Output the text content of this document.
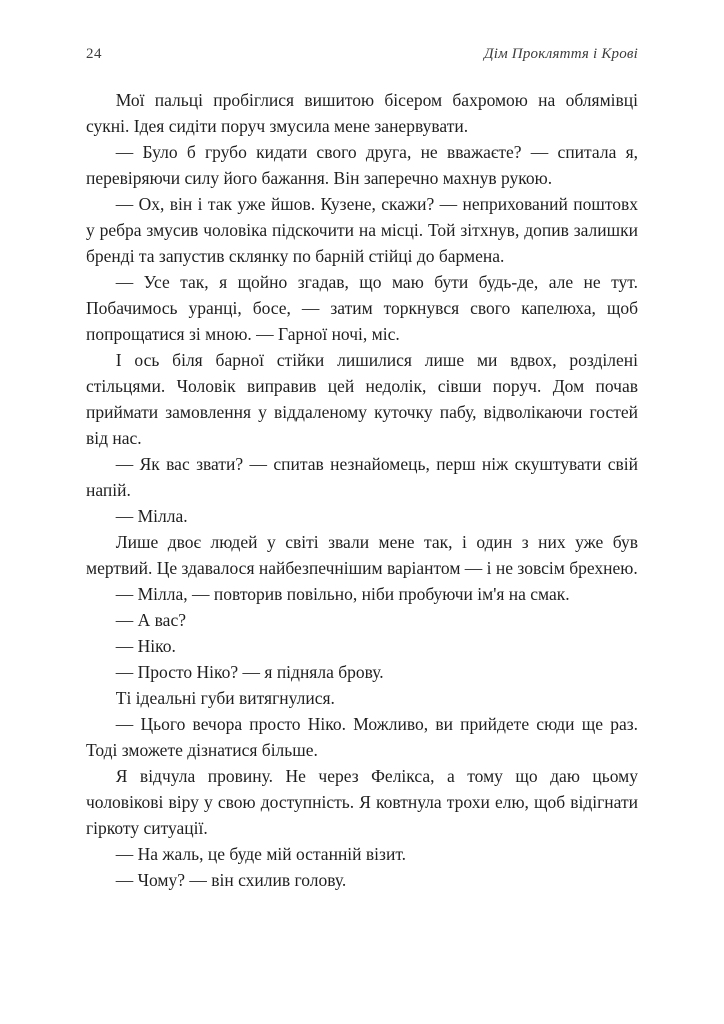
24	Дім Прокляття і Крові

Мої пальці пробіглися вишитою бісером бахромою на облямівці сукні. Ідея сидіти поруч змусила мене занервувати.

— Було б грубо кидати свого друга, не вважаєте? — спитала я, перевіряючи силу його бажання. Він заперечно махнув рукою.

— Ох, він і так уже йшов. Кузене, скажи? — неприхований поштовх у ребра змусив чоловіка підскочити на місці. Той зітхнув, допив залишки бренді та запустив склянку по барній стійці до бармена.

— Усе так, я щойно згадав, що маю бути будь-де, але не тут. Побачимось уранці, босе, — затим торкнувся свого капелюха, щоб попрощатися зі мною. — Гарної ночі, міс.

І ось біля барної стійки лишилися лише ми вдвох, розділені стільцями. Чоловік виправив цей недолік, сівши поруч. Дом почав приймати замовлення у віддаленому куточку пабу, відволікаючи гостей від нас.

— Як вас звати? — спитав незнайомець, перш ніж скуштувати свій напій.

— Мілла.

Лише двоє людей у світі звали мене так, і один з них уже був мертвий. Це здавалося найбезпечнішим варіантом — і не зовсім брехнею.

— Мілла, — повторив повільно, ніби пробуючи ім'я на смак.

— А вас?

— Ніко.

— Просто Ніко? — я підняла брову.

Ті ідеальні губи витягнулися.

— Цього вечора просто Ніко. Можливо, ви прийдете сюди ще раз. Тоді зможете дізнатися більше.

Я відчула провину. Не через Фелікса, а тому що даю цьому чоловікові віру у свою доступність. Я ковтнула трохи елю, щоб відігнати гіркоту ситуації.

— На жаль, це буде мій останній візит.

— Чому? — він схилив голову.
